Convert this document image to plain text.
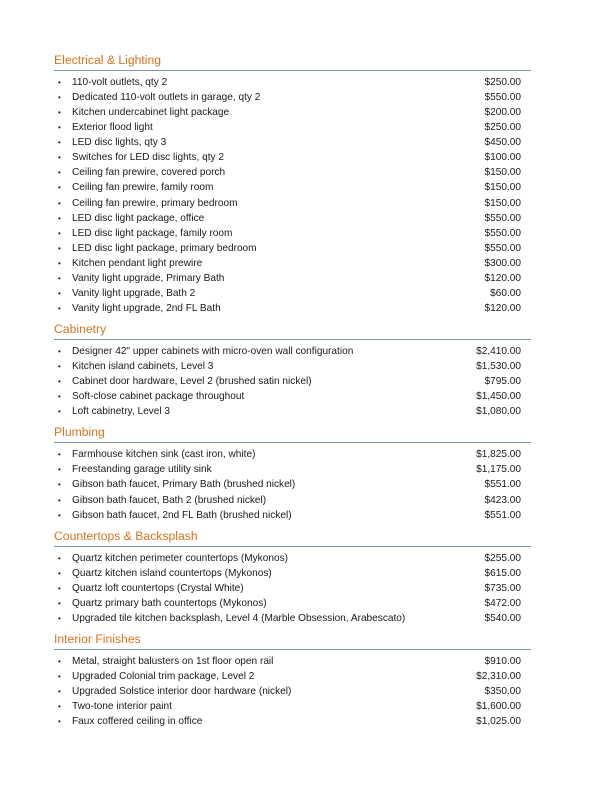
Electrical & Lighting
•	110-volt outlets, qty 2	$250.00
•	Dedicated 110-volt outlets in garage, qty 2	$550.00
•	Kitchen undercabinet light package	$200.00
•	Exterior flood light	$250.00
•	LED disc lights, qty 3	$450.00
•	Switches for LED disc lights, qty 2	$100.00
•	Ceiling fan prewire, covered porch	$150.00
•	Ceiling fan prewire, family room	$150.00
•	Ceiling fan prewire, primary bedroom	$150.00
•	LED disc light package, office	$550.00
•	LED disc light package, family room	$550.00
•	LED disc light package, primary bedroom	$550.00
•	Kitchen pendant light prewire	$300.00
•	Vanity light upgrade, Primary Bath	$120.00
•	Vanity light upgrade, Bath 2	$60.00
•	Vanity light upgrade, 2nd FL Bath	$120.00
Cabinetry
•	Designer 42" upper cabinets with micro-oven wall configuration	$2,410.00
•	Kitchen island cabinets, Level 3	$1,530.00
•	Cabinet door hardware, Level 2 (brushed satin nickel)	$795.00
•	Soft-close cabinet package throughout	$1,450.00
•	Loft cabinetry, Level 3	$1,080.00
Plumbing
•	Farmhouse kitchen sink (cast iron, white)	$1,825.00
•	Freestanding garage utility sink	$1,175.00
•	Gibson bath faucet, Primary Bath (brushed nickel)	$551.00
•	Gibson bath faucet, Bath 2 (brushed nickel)	$423.00
•	Gibson bath faucet, 2nd FL Bath (brushed nickel)	$551.00
Countertops & Backsplash
•	Quartz kitchen perimeter countertops (Mykonos)	$255.00
•	Quartz kitchen island countertops (Mykonos)	$615.00
•	Quartz loft countertops (Crystal White)	$735.00
•	Quartz primary bath countertops (Mykonos)	$472.00
•	Upgraded tile kitchen backsplash, Level 4 (Marble Obsession, Arabescato)	$540.00
Interior Finishes
•	Metal, straight balusters on 1st floor open rail	$910.00
•	Upgraded Colonial trim package, Level 2	$2,310.00
•	Upgraded Solstice interior door hardware (nickel)	$350.00
•	Two-tone interior paint	$1,600.00
•	Faux coffered ceiling in office	$1,025.00
